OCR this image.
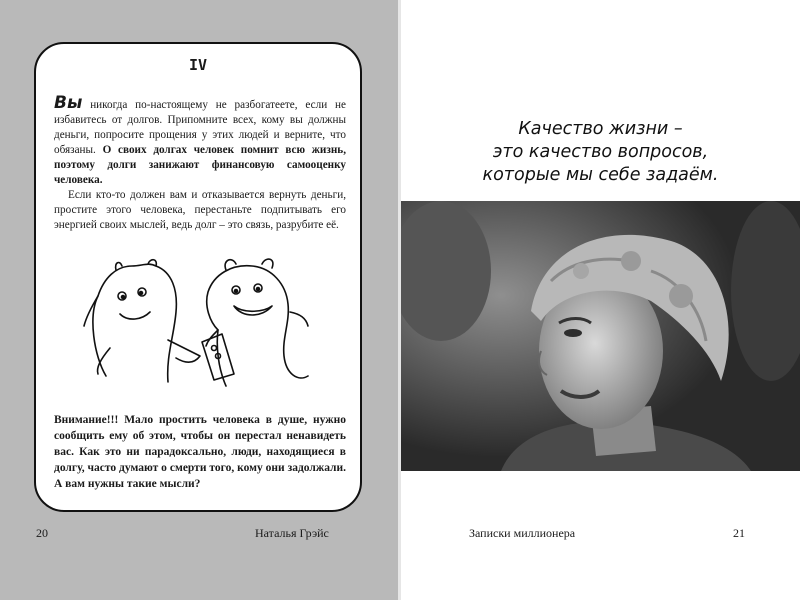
IV

Вы никогда по-настоящему не разбогатеете, если не избавитесь от долгов. Припомните всех, кому вы должны деньги, попросите прощения у этих людей и верните, что обязаны. О своих долгах человек помнит всю жизнь, поэтому долги занижают финансовую самооценку человека.

Если кто-то должен вам и отказывается вернуть деньги, простите этого человека, перестаньте подпитывать его энергией своих мыслей, ведь долг – это связь, разрубите её.

Внимание!!! Мало простить человека в душе, нужно сообщить ему об этом, чтобы он перестал ненавидеть вас. Как это ни парадоксально, люди, находящиеся в долгу, часто думают о смерти того, кому они задолжали. А вам нужны такие мысли?
20	Наталья Грэйс
Качество жизни –
это качество вопросов,
которые мы себе задаём.
Записки миллионера	21
